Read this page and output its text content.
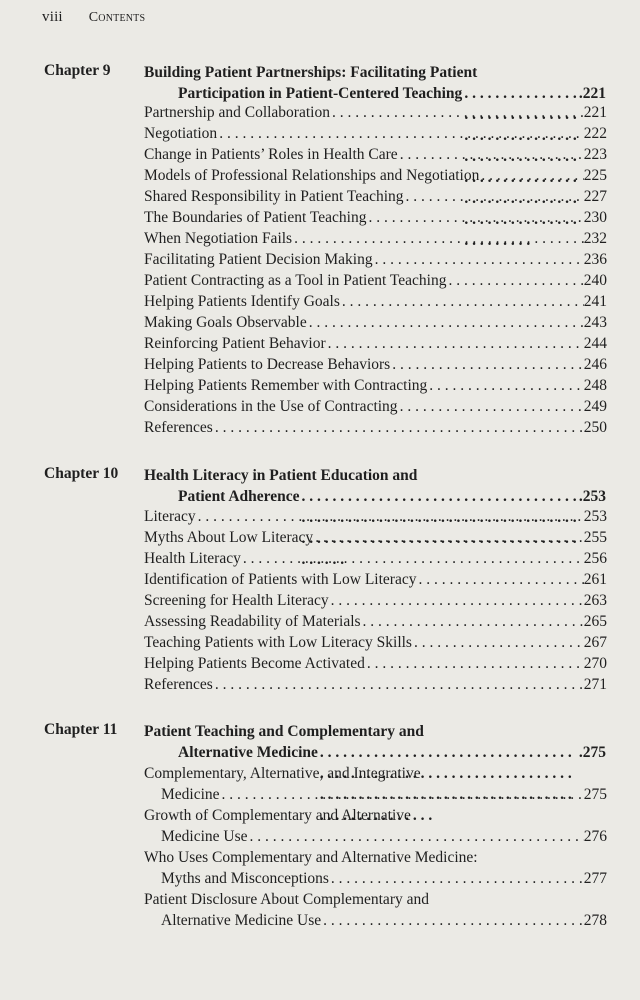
viii Contents
Chapter 9 Building Patient Partnerships: Facilitating Patient
Participation in Patient-Centered Teaching . . .	.221
Partnership and Collaboration . . .	221
Negotiation . . .	222
Change in Patients’ Roles in Health Care . . .	223
Models of Professional Relationships and Negotiation . . .	225
Shared Responsibility in Patient Teaching . . .	227
The Boundaries of Patient Teaching . . .	230
When Negotiation Fails . . .	232
Facilitating Patient Decision Making . . .	236
Patient Contracting as a Tool in Patient Teaching . . .	240
Helping Patients Identify Goals . . .	241
Making Goals Observable . . .	243
Reinforcing Patient Behavior . . .	244
Helping Patients to Decrease Behaviors . . .	246
Helping Patients Remember with Contracting . . .	248
Considerations in the Use of Contracting . . .	249
References . . .	250
Chapter 10 Health Literacy in Patient Education and
Patient Adherence . . .	.253
Literacy . . .	253
Myths About Low Literacy . . .	255
Health Literacy . . .	256
Identification of Patients with Low Literacy . . .	261
Screening for Health Literacy . . .	263
Assessing Readability of Materials . . .	265
Teaching Patients with Low Literacy Skills . . .	267
Helping Patients Become Activated . . .	270
References . . .	271
Chapter 11 Patient Teaching and Complementary and
Alternative Medicine . . .	.275
Complementary, Alternative, and Integrative
Medicine . . .	275
Growth of Complementary and Alternative
Medicine Use . . .	276
Who Uses Complementary and Alternative Medicine:
Myths and Misconceptions . . .	277
Patient Disclosure About Complementary and
Alternative Medicine Use . . .	278
